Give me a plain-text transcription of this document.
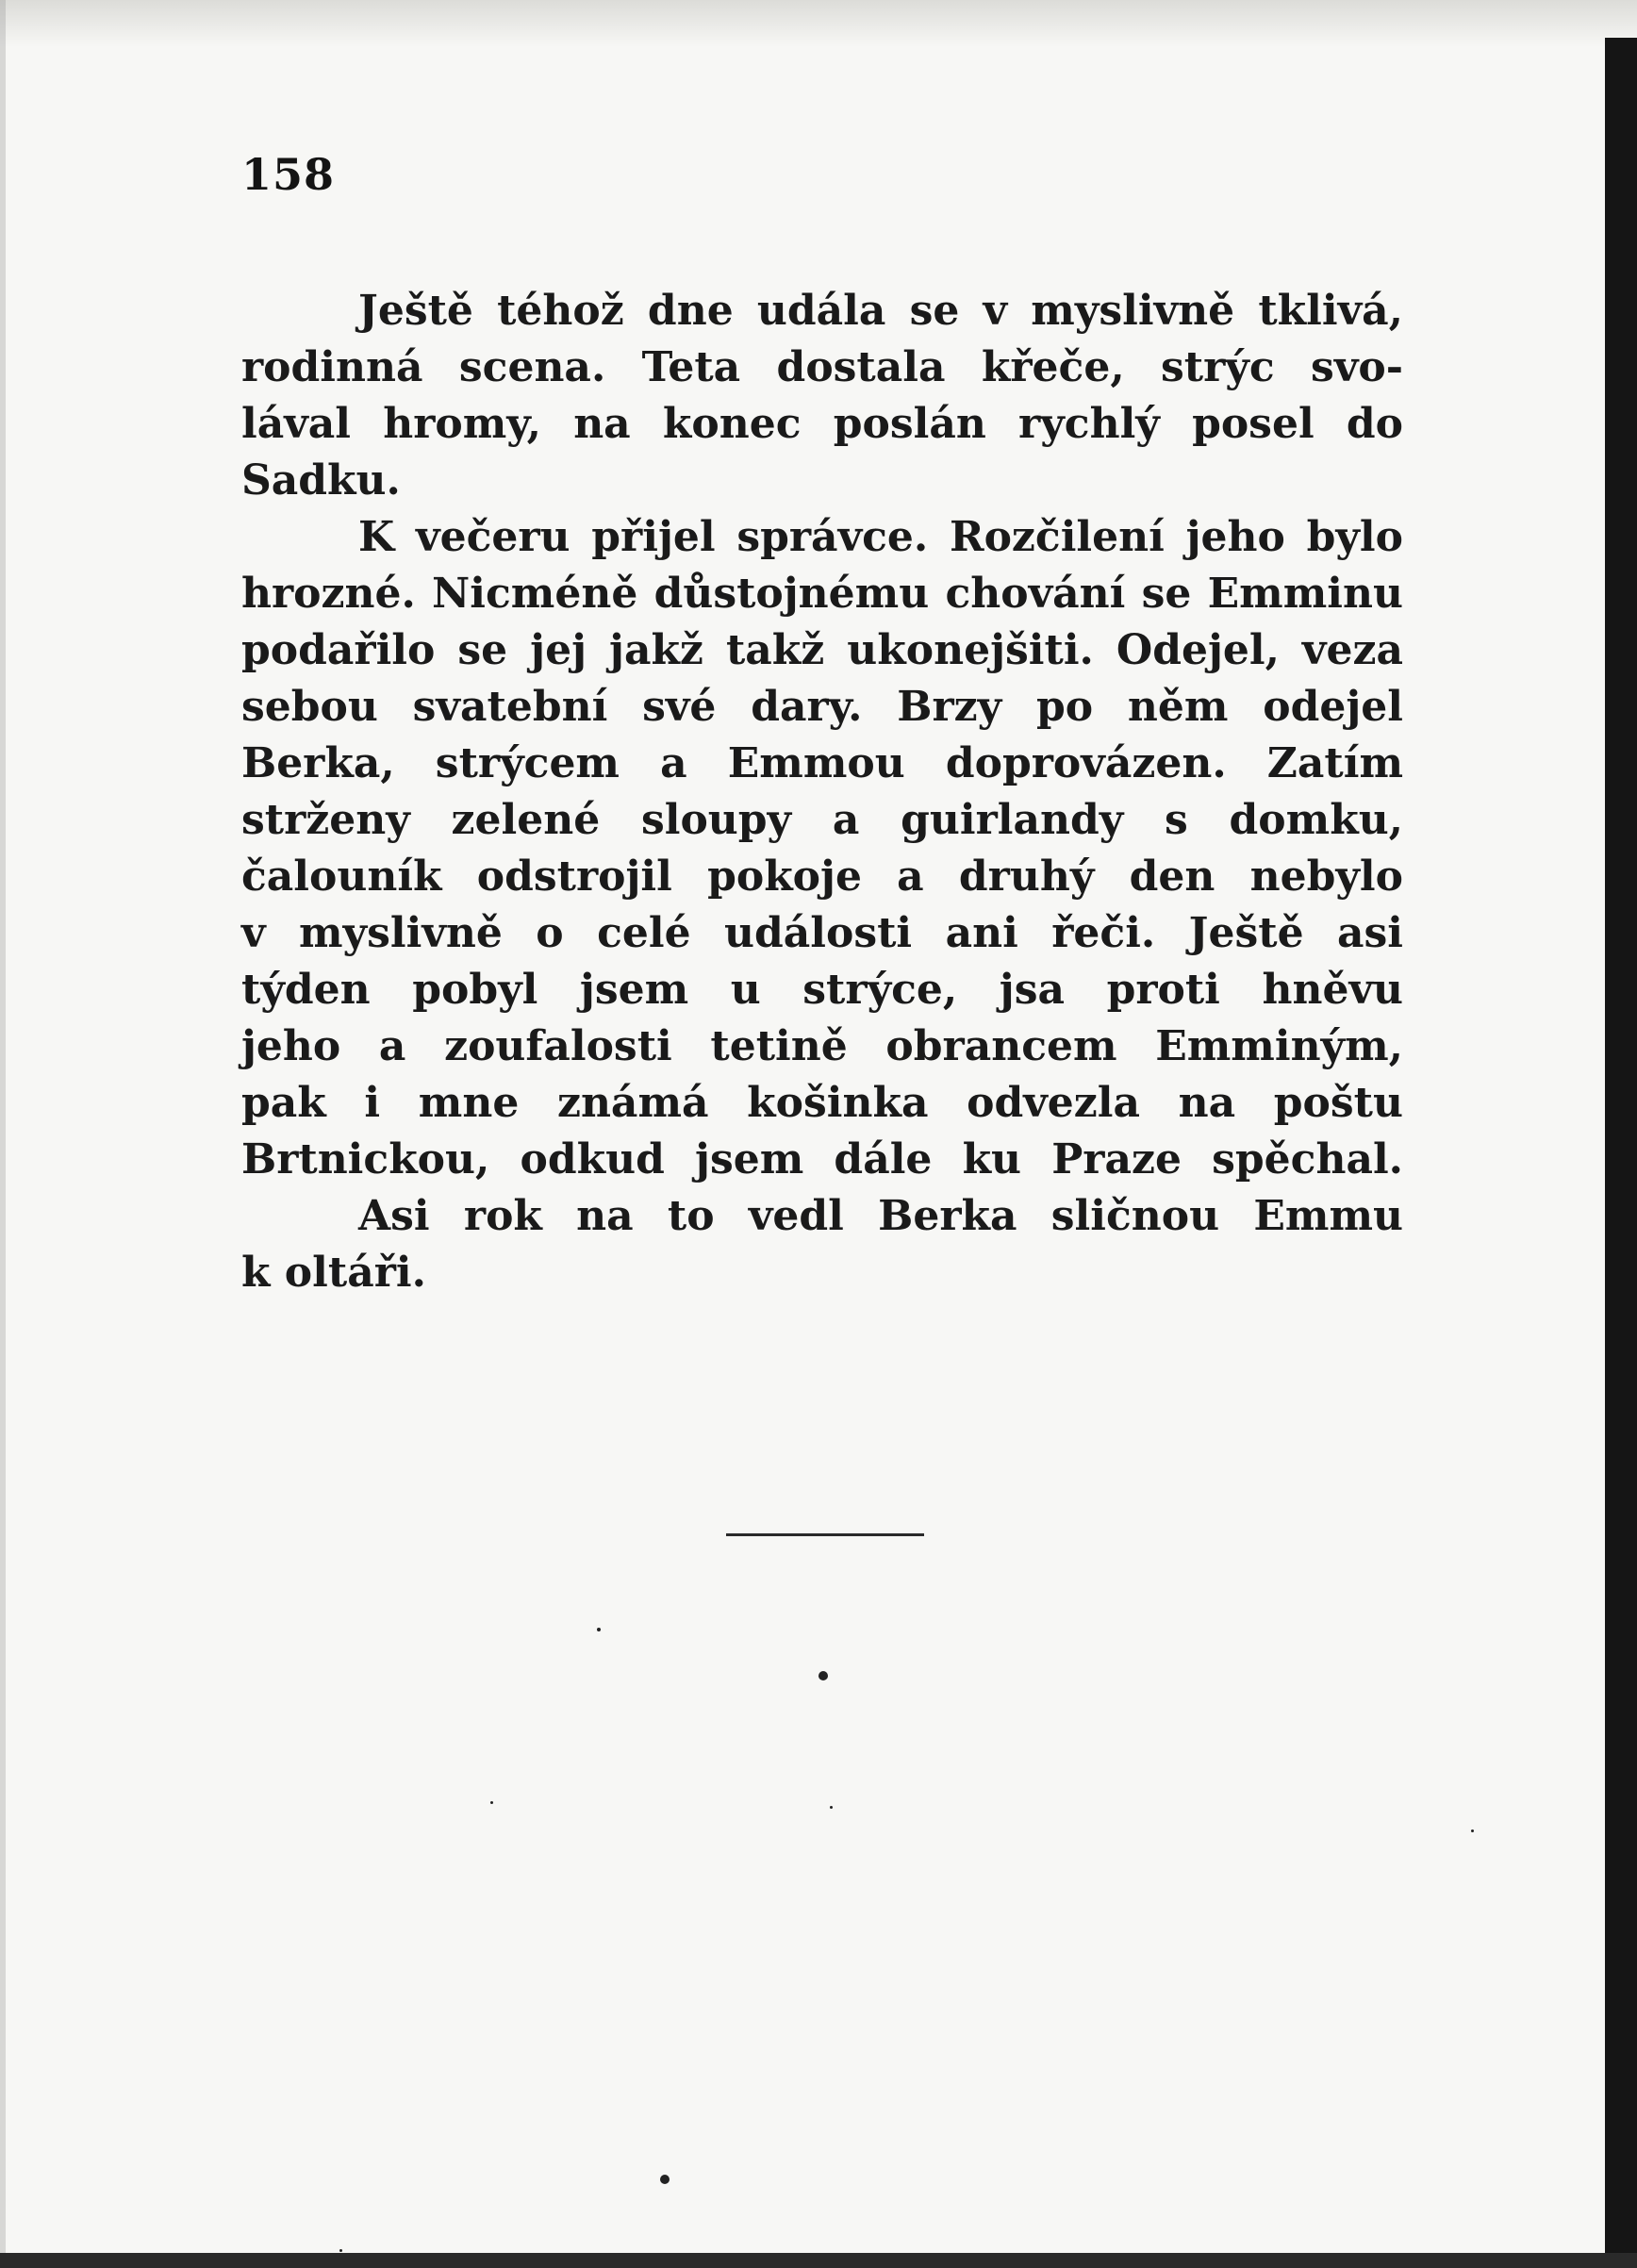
158
Ještě téhož dne udála se v myslivně tklivá,
rodinná scena. Teta dostala křeče, strýc svo-
lával hromy, na konec poslán rychlý posel do
Sadku.
K večeru přijel správce. Rozčilení jeho bylo
hrozné. Nicméně důstojnému chování se Emminu
podařilo se jej jakž takž ukonejšiti. Odejel, veza
sebou svatební své dary. Brzy po něm odejel
Berka, strýcem a Emmou doprovázen. Zatím
strženy zelené sloupy a guirlandy s domku,
čalouník odstrojil pokoje a druhý den nebylo
v myslivně o celé události ani řeči. Ještě asi
týden pobyl jsem u strýce, jsa proti hněvu
jeho a zoufalosti tetině obrancem Emminým,
pak i mne známá košinka odvezla na poštu
Brtnickou, odkud jsem dále ku Praze spěchal.
Asi rok na to vedl Berka sličnou Emmu
k oltáři.
